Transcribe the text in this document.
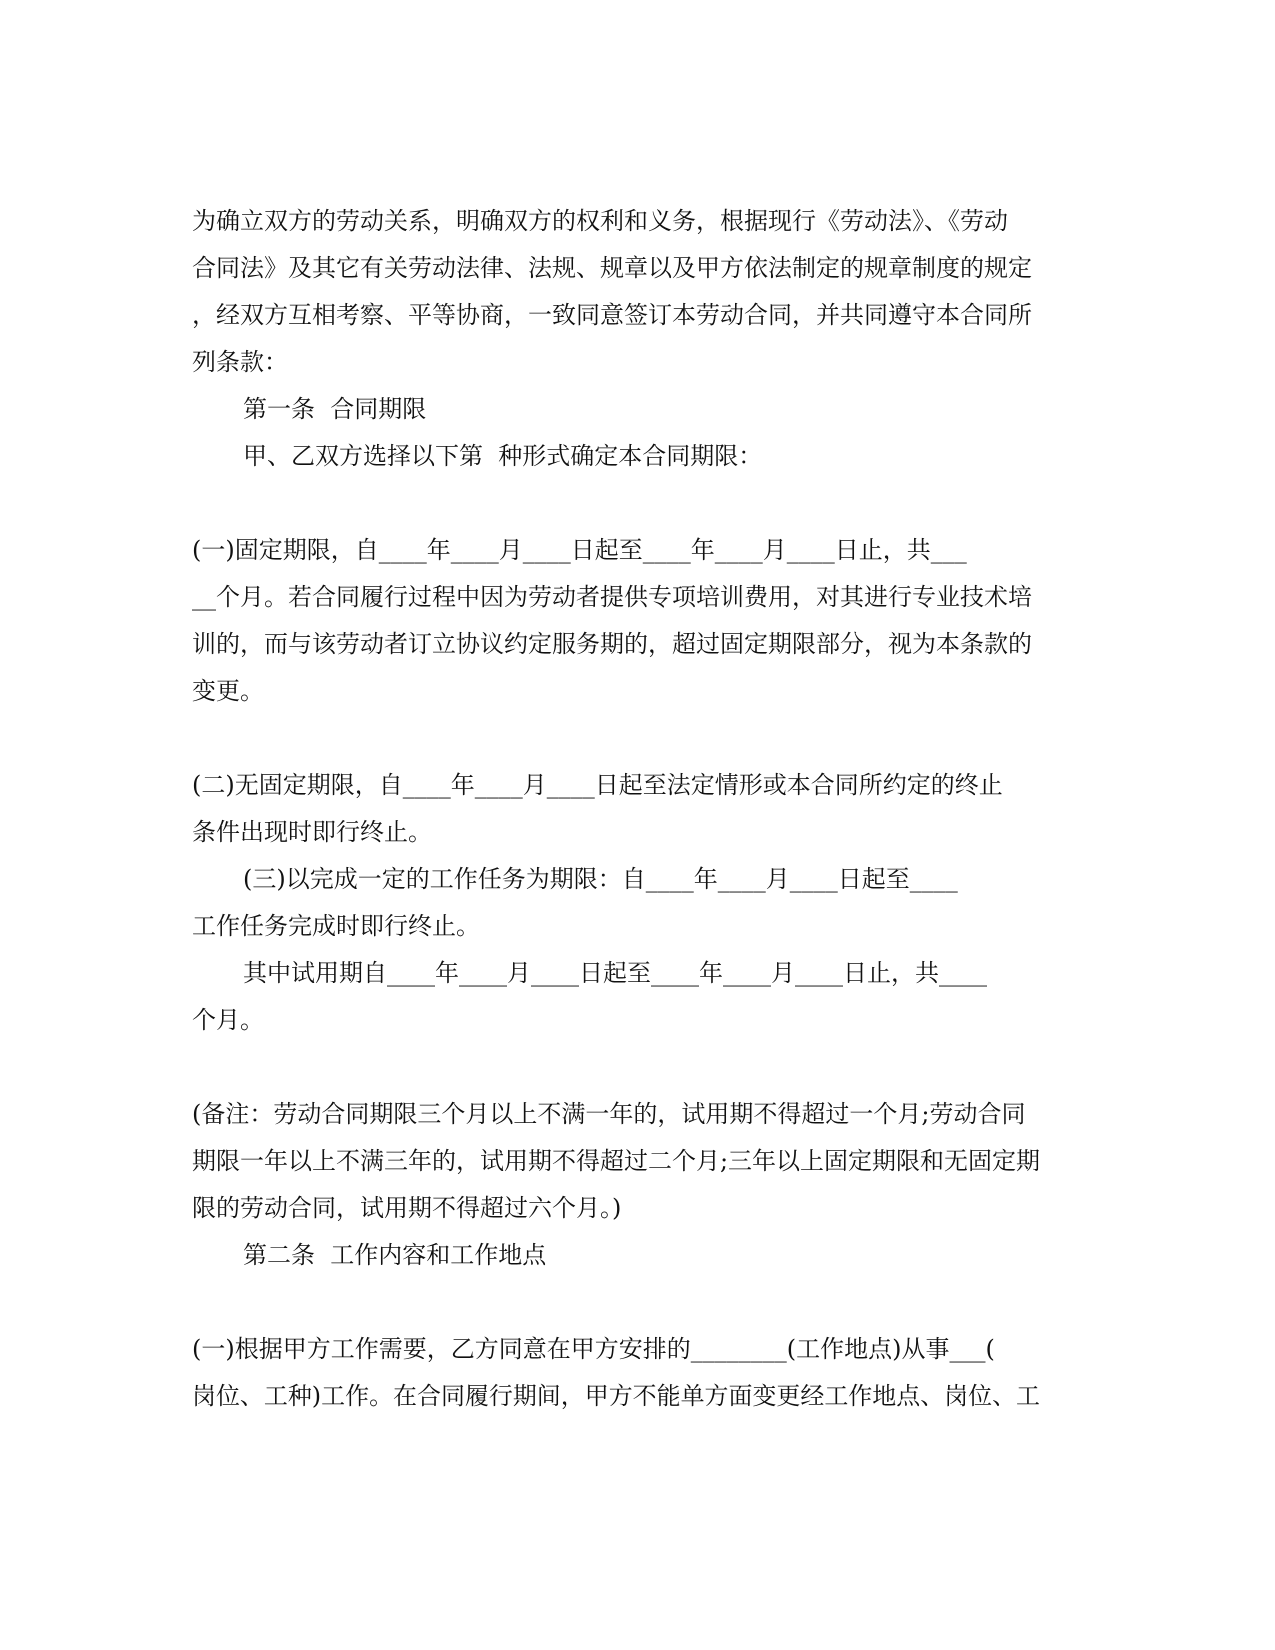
为确立双方的劳动关系，明确双方的权利和义务，根据现行《劳动法》、《劳动
合同法》及其它有关劳动法律、法规、规章以及甲方依法制定的规章制度的规定
，经双方互相考察、平等协商，一致同意签订本劳动合同，并共同遵守本合同所
列条款：
第一条  合同期限
甲、乙双方选择以下第  种形式确定本合同期限：
(一)固定期限，自____年____月____日起至____年____月____日止，共___
__个月。若合同履行过程中因为劳动者提供专项培训费用，对其进行专业技术培
训的，而与该劳动者订立协议约定服务期的，超过固定期限部分，视为本条款的
变更。
(二)无固定期限，自____年____月____日起至法定情形或本合同所约定的终止
条件出现时即行终止。
(三)以完成一定的工作任务为期限：自____年____月____日起至____
工作任务完成时即行终止。
其中试用期自____年____月____日起至____年____月____日止，共____
个月。
(备注：劳动合同期限三个月以上不满一年的，试用期不得超过一个月;劳动合同
期限一年以上不满三年的，试用期不得超过二个月;三年以上固定期限和无固定期
限的劳动合同，试用期不得超过六个月。)
第二条  工作内容和工作地点
(一)根据甲方工作需要，乙方同意在甲方安排的________(工作地点)从事___(
岗位、工种)工作。在合同履行期间，甲方不能单方面变更经工作地点、岗位、工
